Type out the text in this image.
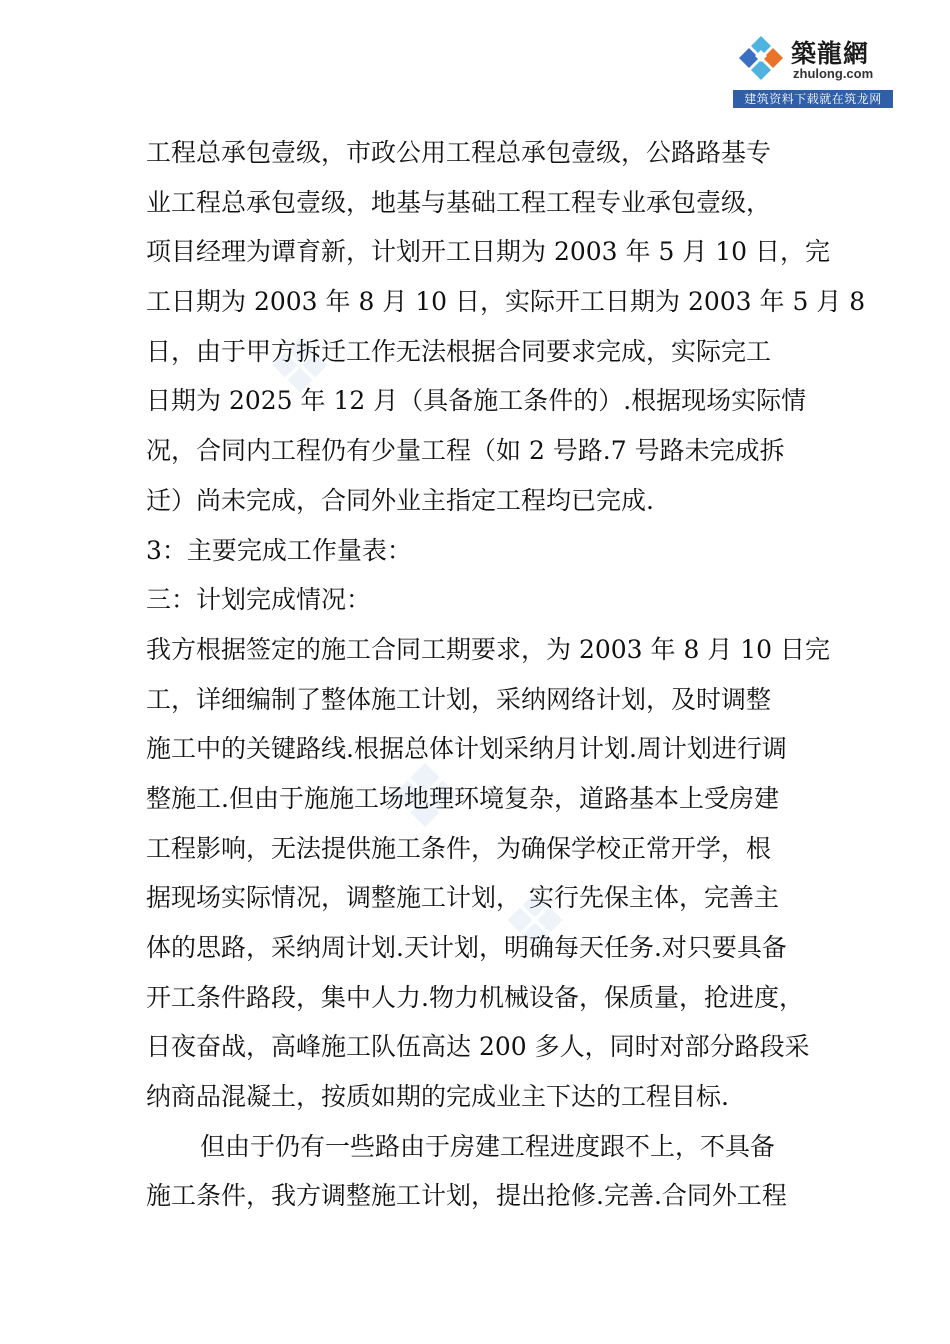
築龍網
zhulong.com
建筑资料下载就在筑龙网
工程总承包壹级，市政公用工程总承包壹级，公路路基专
业工程总承包壹级，地基与基础工程工程专业承包壹级，
项目经理为谭育新，计划开工日期为 2003 年 5 月 10 日，完
工日期为 2003 年 8 月 10 日，实际开工日期为 2003 年 5 月 8
日，由于甲方拆迁工作无法根据合同要求完成，实际完工
日期为 2025 年 12 月（具备施工条件的）.根据现场实际情
况，合同内工程仍有少量工程（如 2 号路.7 号路未完成拆
迁）尚未完成，合同外业主指定工程均已完成.
3：主要完成工作量表：
三：计划完成情况：
我方根据签定的施工合同工期要求，为 2003 年 8 月 10 日完
工，详细编制了整体施工计划，采纳网络计划，及时调整
施工中的关键路线.根据总体计划采纳月计划.周计划进行调
整施工.但由于施施工场地理环境复杂，道路基本上受房建
工程影响，无法提供施工条件，为确保学校正常开学，根
据现场实际情况，调整施工计划， 实行先保主体，完善主
体的思路，采纳周计划.天计划，明确每天任务.对只要具备
开工条件路段，集中人力.物力机械设备，保质量，抢进度，
日夜奋战，高峰施工队伍高达 200 多人，同时对部分路段采
纳商品混凝土，按质如期的完成业主下达的工程目标.
但由于仍有一些路由于房建工程进度跟不上，不具备
施工条件，我方调整施工计划，提出抢修.完善.合同外工程
